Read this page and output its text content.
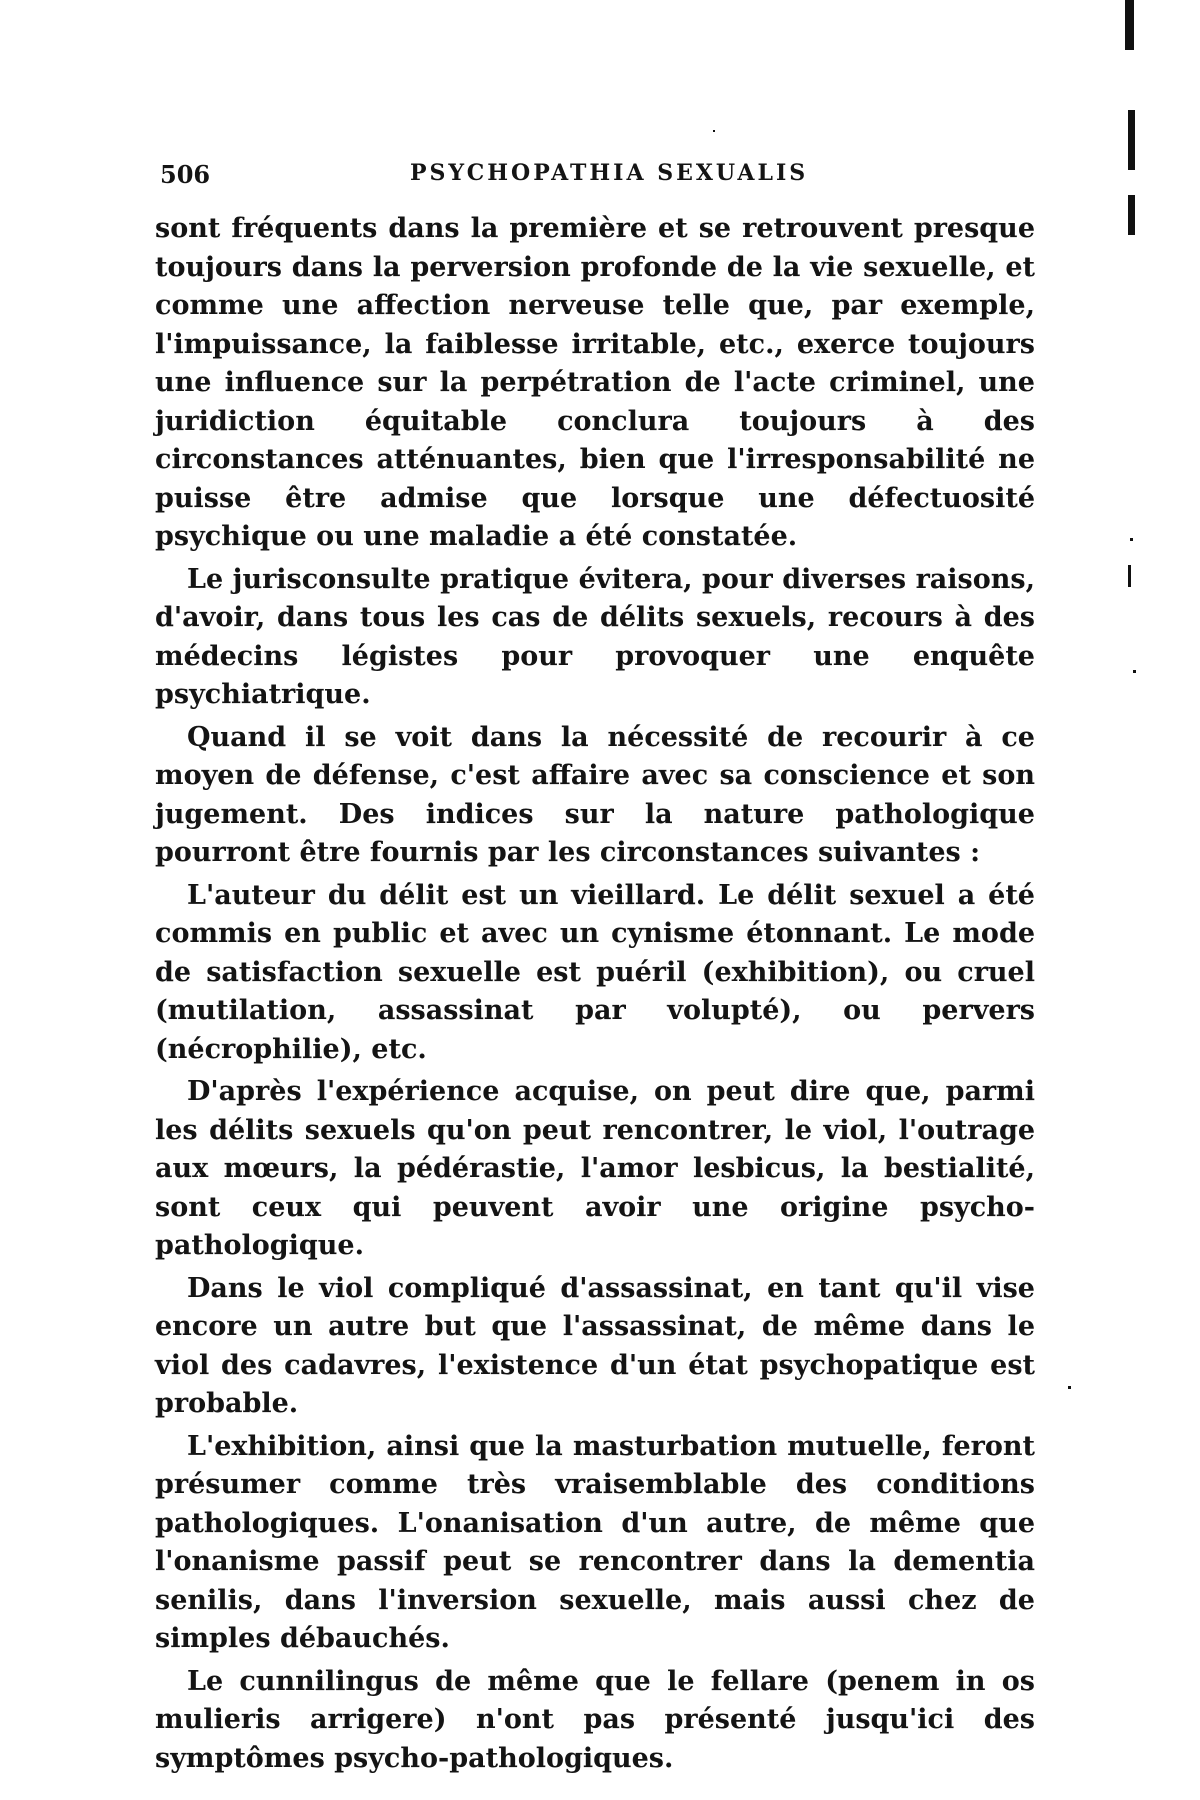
506	PSYCHOPATHIA SEXUALIS

sont fréquents dans la première et se retrouvent presque toujours dans la perversion profonde de la vie sexuelle, et comme une affection nerveuse telle que, par exemple, l'impuissance, la faiblesse irritable, etc., exerce toujours une influence sur la perpétration de l'acte criminel, une juridiction équitable conclura toujours à des circonstances atténuantes, bien que l'irresponsabilité ne puisse être admise que lorsque une défectuosité psychique ou une maladie a été constatée.

Le jurisconsulte pratique évitera, pour diverses raisons, d'avoir, dans tous les cas de délits sexuels, recours à des médecins légistes pour provoquer une enquête psychiatrique.

Quand il se voit dans la nécessité de recourir à ce moyen de défense, c'est affaire avec sa conscience et son jugement. Des indices sur la nature pathologique pourront être fournis par les circonstances suivantes :

L'auteur du délit est un vieillard. Le délit sexuel a été commis en public et avec un cynisme étonnant. Le mode de satisfaction sexuelle est puéril (exhibition), ou cruel (mutilation, assassinat par volupté), ou pervers (nécrophilie), etc.

D'après l'expérience acquise, on peut dire que, parmi les délits sexuels qu'on peut rencontrer, le viol, l'outrage aux mœurs, la pédérastie, l'amor lesbicus, la bestialité, sont ceux qui peuvent avoir une origine psycho-pathologique.

Dans le viol compliqué d'assassinat, en tant qu'il vise encore un autre but que l'assassinat, de même dans le viol des cadavres, l'existence d'un état psychopatique est probable.

L'exhibition, ainsi que la masturbation mutuelle, feront présumer comme très vraisemblable des conditions pathologiques. L'onanisation d'un autre, de même que l'onanisme passif peut se rencontrer dans la dementia senilis, dans l'inversion sexuelle, mais aussi chez de simples débauchés.

Le cunnilingus de même que le fellare (penem in os mulieris arrigere) n'ont pas présenté jusqu'ici des symptômes psycho-pathologiques.
